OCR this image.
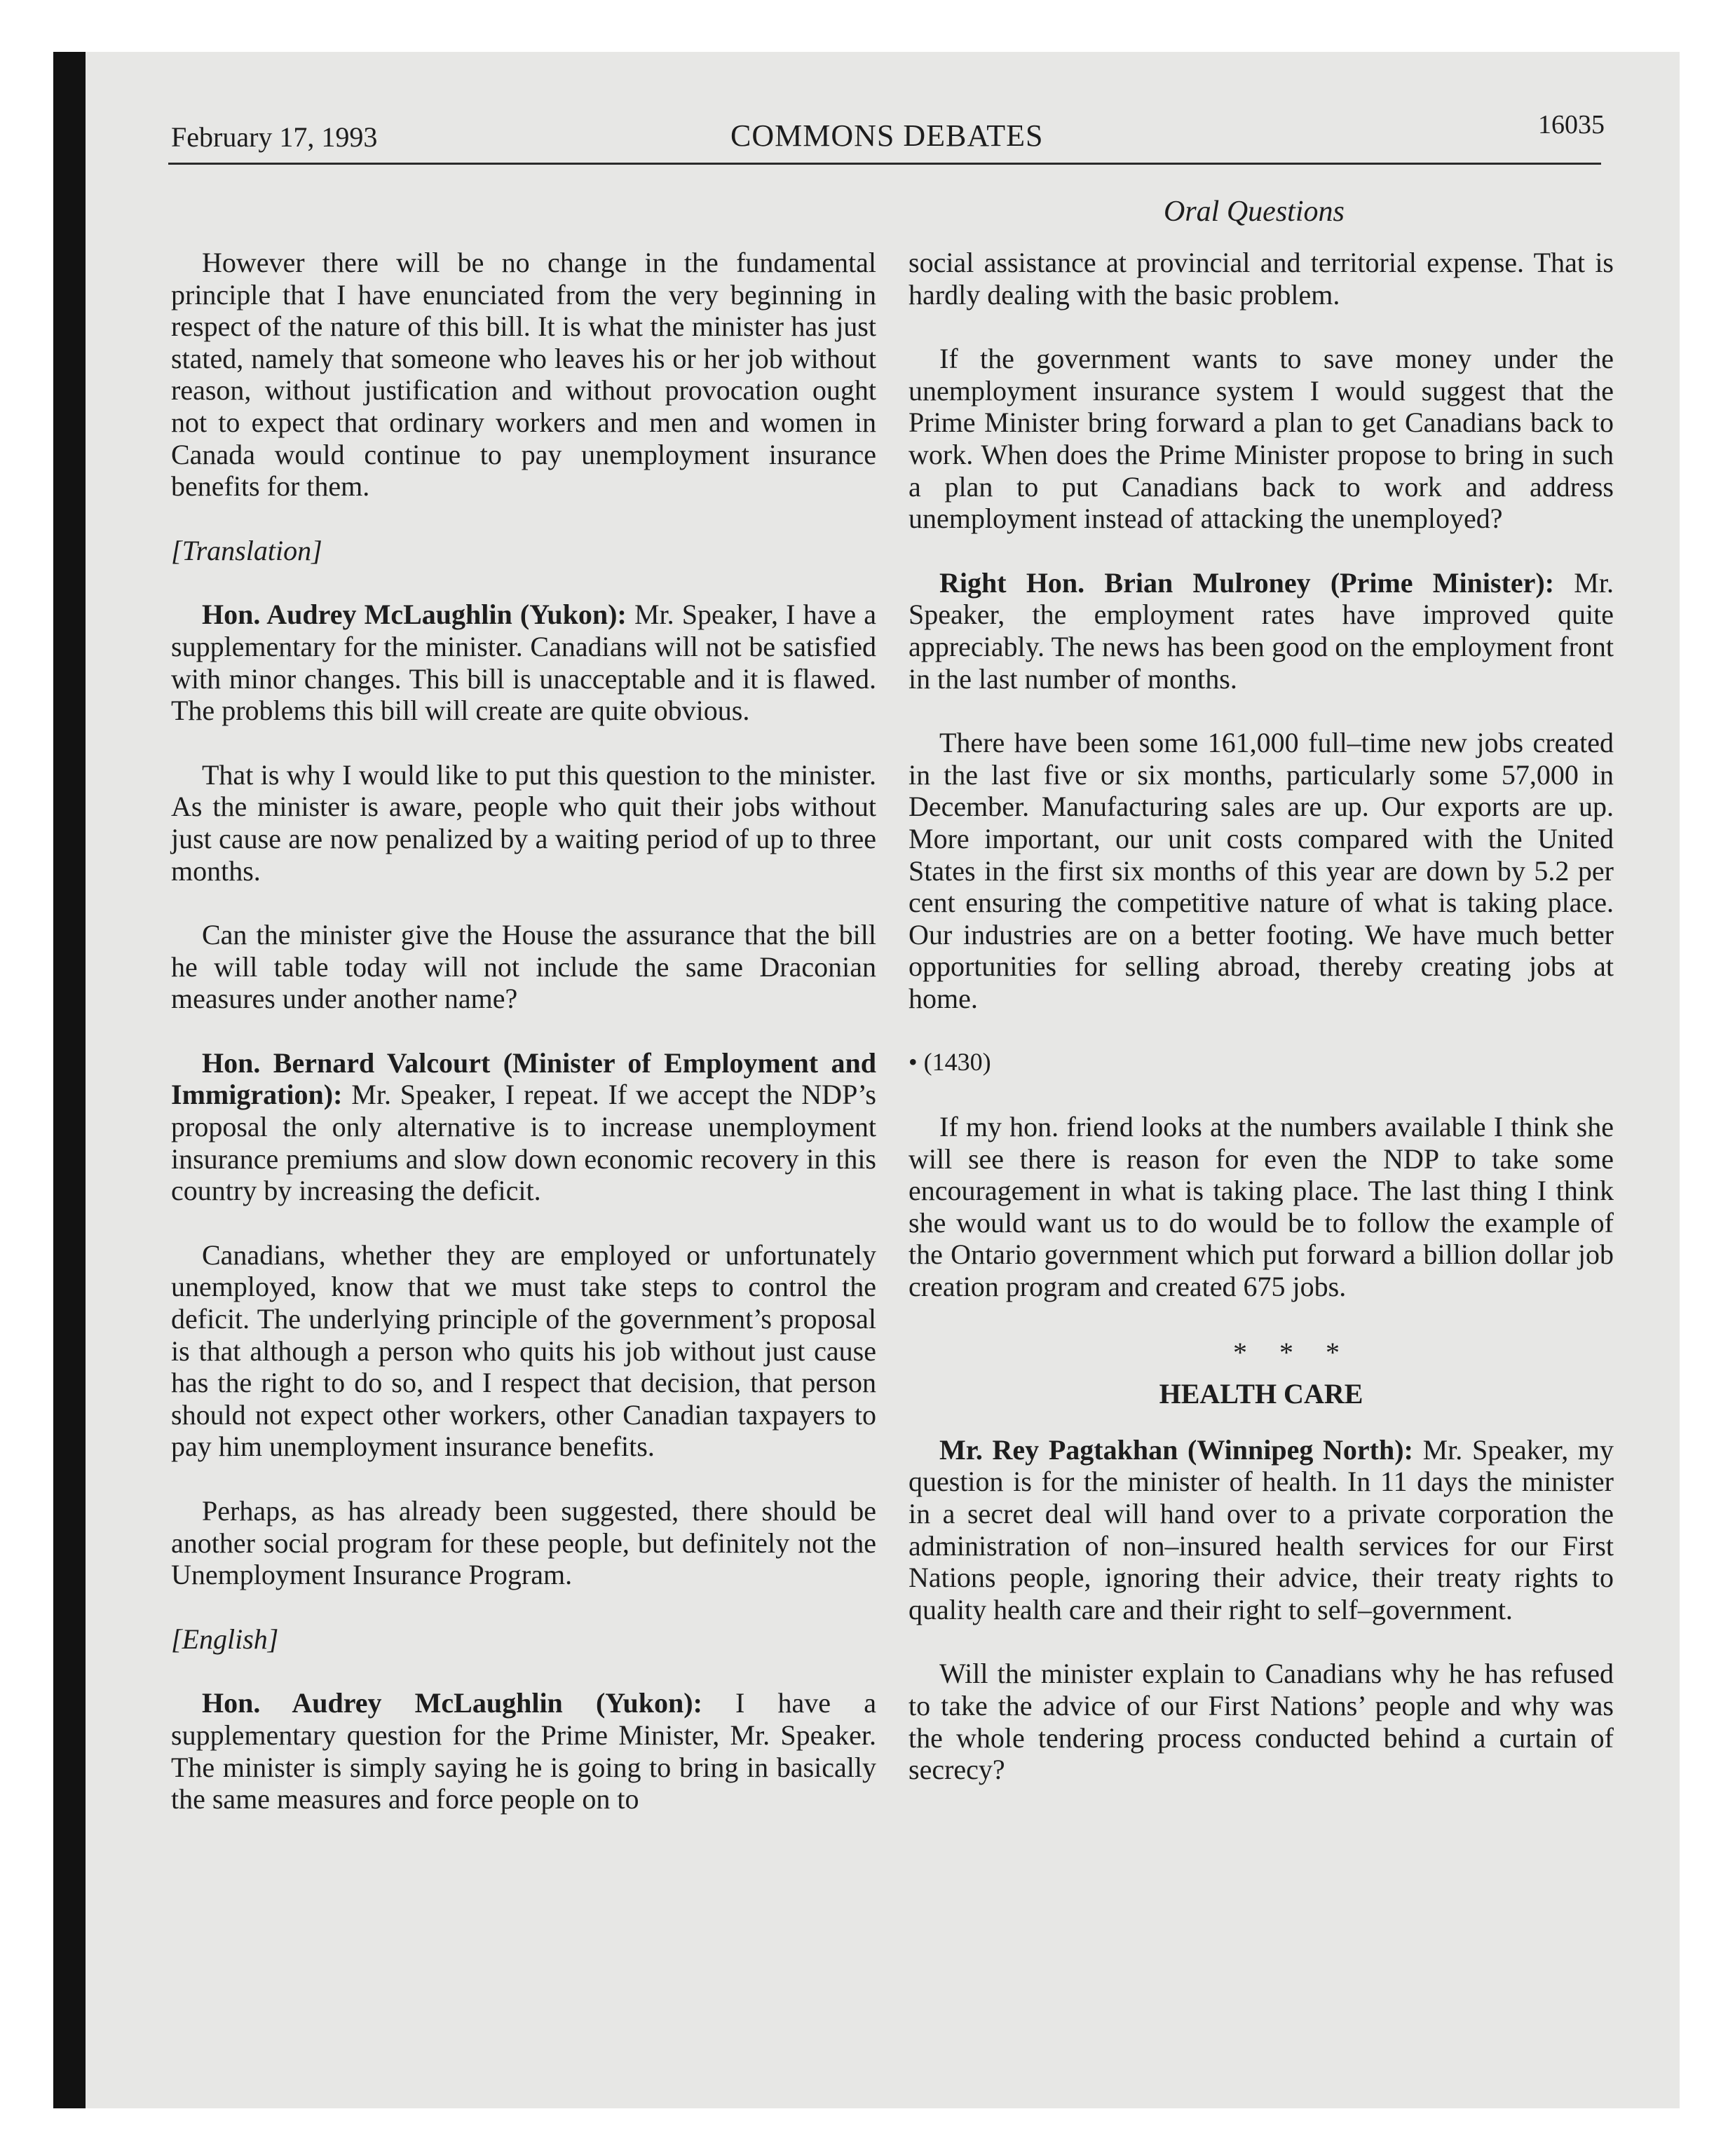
February 17, 1993	COMMONS DEBATES	16035
Oral Questions

However there will be no change in the fundamental principle that I have enunciated from the very beginning in respect of the nature of this bill. It is what the minister has just stated, namely that someone who leaves his or her job without reason, without justification and without provocation ought not to expect that ordinary workers and men and women in Canada would continue to pay unemployment insurance benefits for them.

[Translation]

Hon. Audrey McLaughlin (Yukon): Mr. Speaker, I have a supplementary for the minister. Canadians will not be satisfied with minor changes. This bill is unacceptable and it is flawed. The problems this bill will create are quite obvious.

That is why I would like to put this question to the minister. As the minister is aware, people who quit their jobs without just cause are now penalized by a waiting period of up to three months.

Can the minister give the House the assurance that the bill he will table today will not include the same Draconian measures under another name?

Hon. Bernard Valcourt (Minister of Employment and Immigration): Mr. Speaker, I repeat. If we accept the NDP’s proposal the only alternative is to increase unemployment insurance premiums and slow down economic recovery in this country by increasing the deficit.

Canadians, whether they are employed or unfortunately unemployed, know that we must take steps to control the deficit. The underlying principle of the government’s proposal is that although a person who quits his job without just cause has the right to do so, and I respect that decision, that person should not expect other workers, other Canadian taxpayers to pay him unemployment insurance benefits.

Perhaps, as has already been suggested, there should be another social program for these people, but definitely not the Unemployment Insurance Program.

[English]

Hon. Audrey McLaughlin (Yukon): I have a supplementary question for the Prime Minister, Mr. Speaker. The minister is simply saying he is going to bring in basically the same measures and force people on to

social assistance at provincial and territorial expense. That is hardly dealing with the basic problem.

If the government wants to save money under the unemployment insurance system I would suggest that the Prime Minister bring forward a plan to get Canadians back to work. When does the Prime Minister propose to bring in such a plan to put Canadians back to work and address unemployment instead of attacking the unemployed?

Right Hon. Brian Mulroney (Prime Minister): Mr. Speaker, the employment rates have improved quite appreciably. The news has been good on the employment front in the last number of months.

There have been some 161,000 full–time new jobs created in the last five or six months, particularly some 57,000 in December. Manufacturing sales are up. Our exports are up. More important, our unit costs compared with the United States in the first six months of this year are down by 5.2 per cent ensuring the competitive nature of what is taking place. Our industries are on a better footing. We have much better opportunities for selling abroad, thereby creating jobs at home.

• (1430)

If my hon. friend looks at the numbers available I think she will see there is reason for even the NDP to take some encouragement in what is taking place. The last thing I think she would want us to do would be to follow the example of the Ontario government which put forward a billion dollar job creation program and created 675 jobs.

* * *
HEALTH CARE

Mr. Rey Pagtakhan (Winnipeg North): Mr. Speaker, my question is for the minister of health. In 11 days the minister in a secret deal will hand over to a private corporation the administration of non–insured health services for our First Nations people, ignoring their advice, their treaty rights to quality health care and their right to self–government.

Will the minister explain to Canadians why he has refused to take the advice of our First Nations’ people and why was the whole tendering process conducted behind a curtain of secrecy?
